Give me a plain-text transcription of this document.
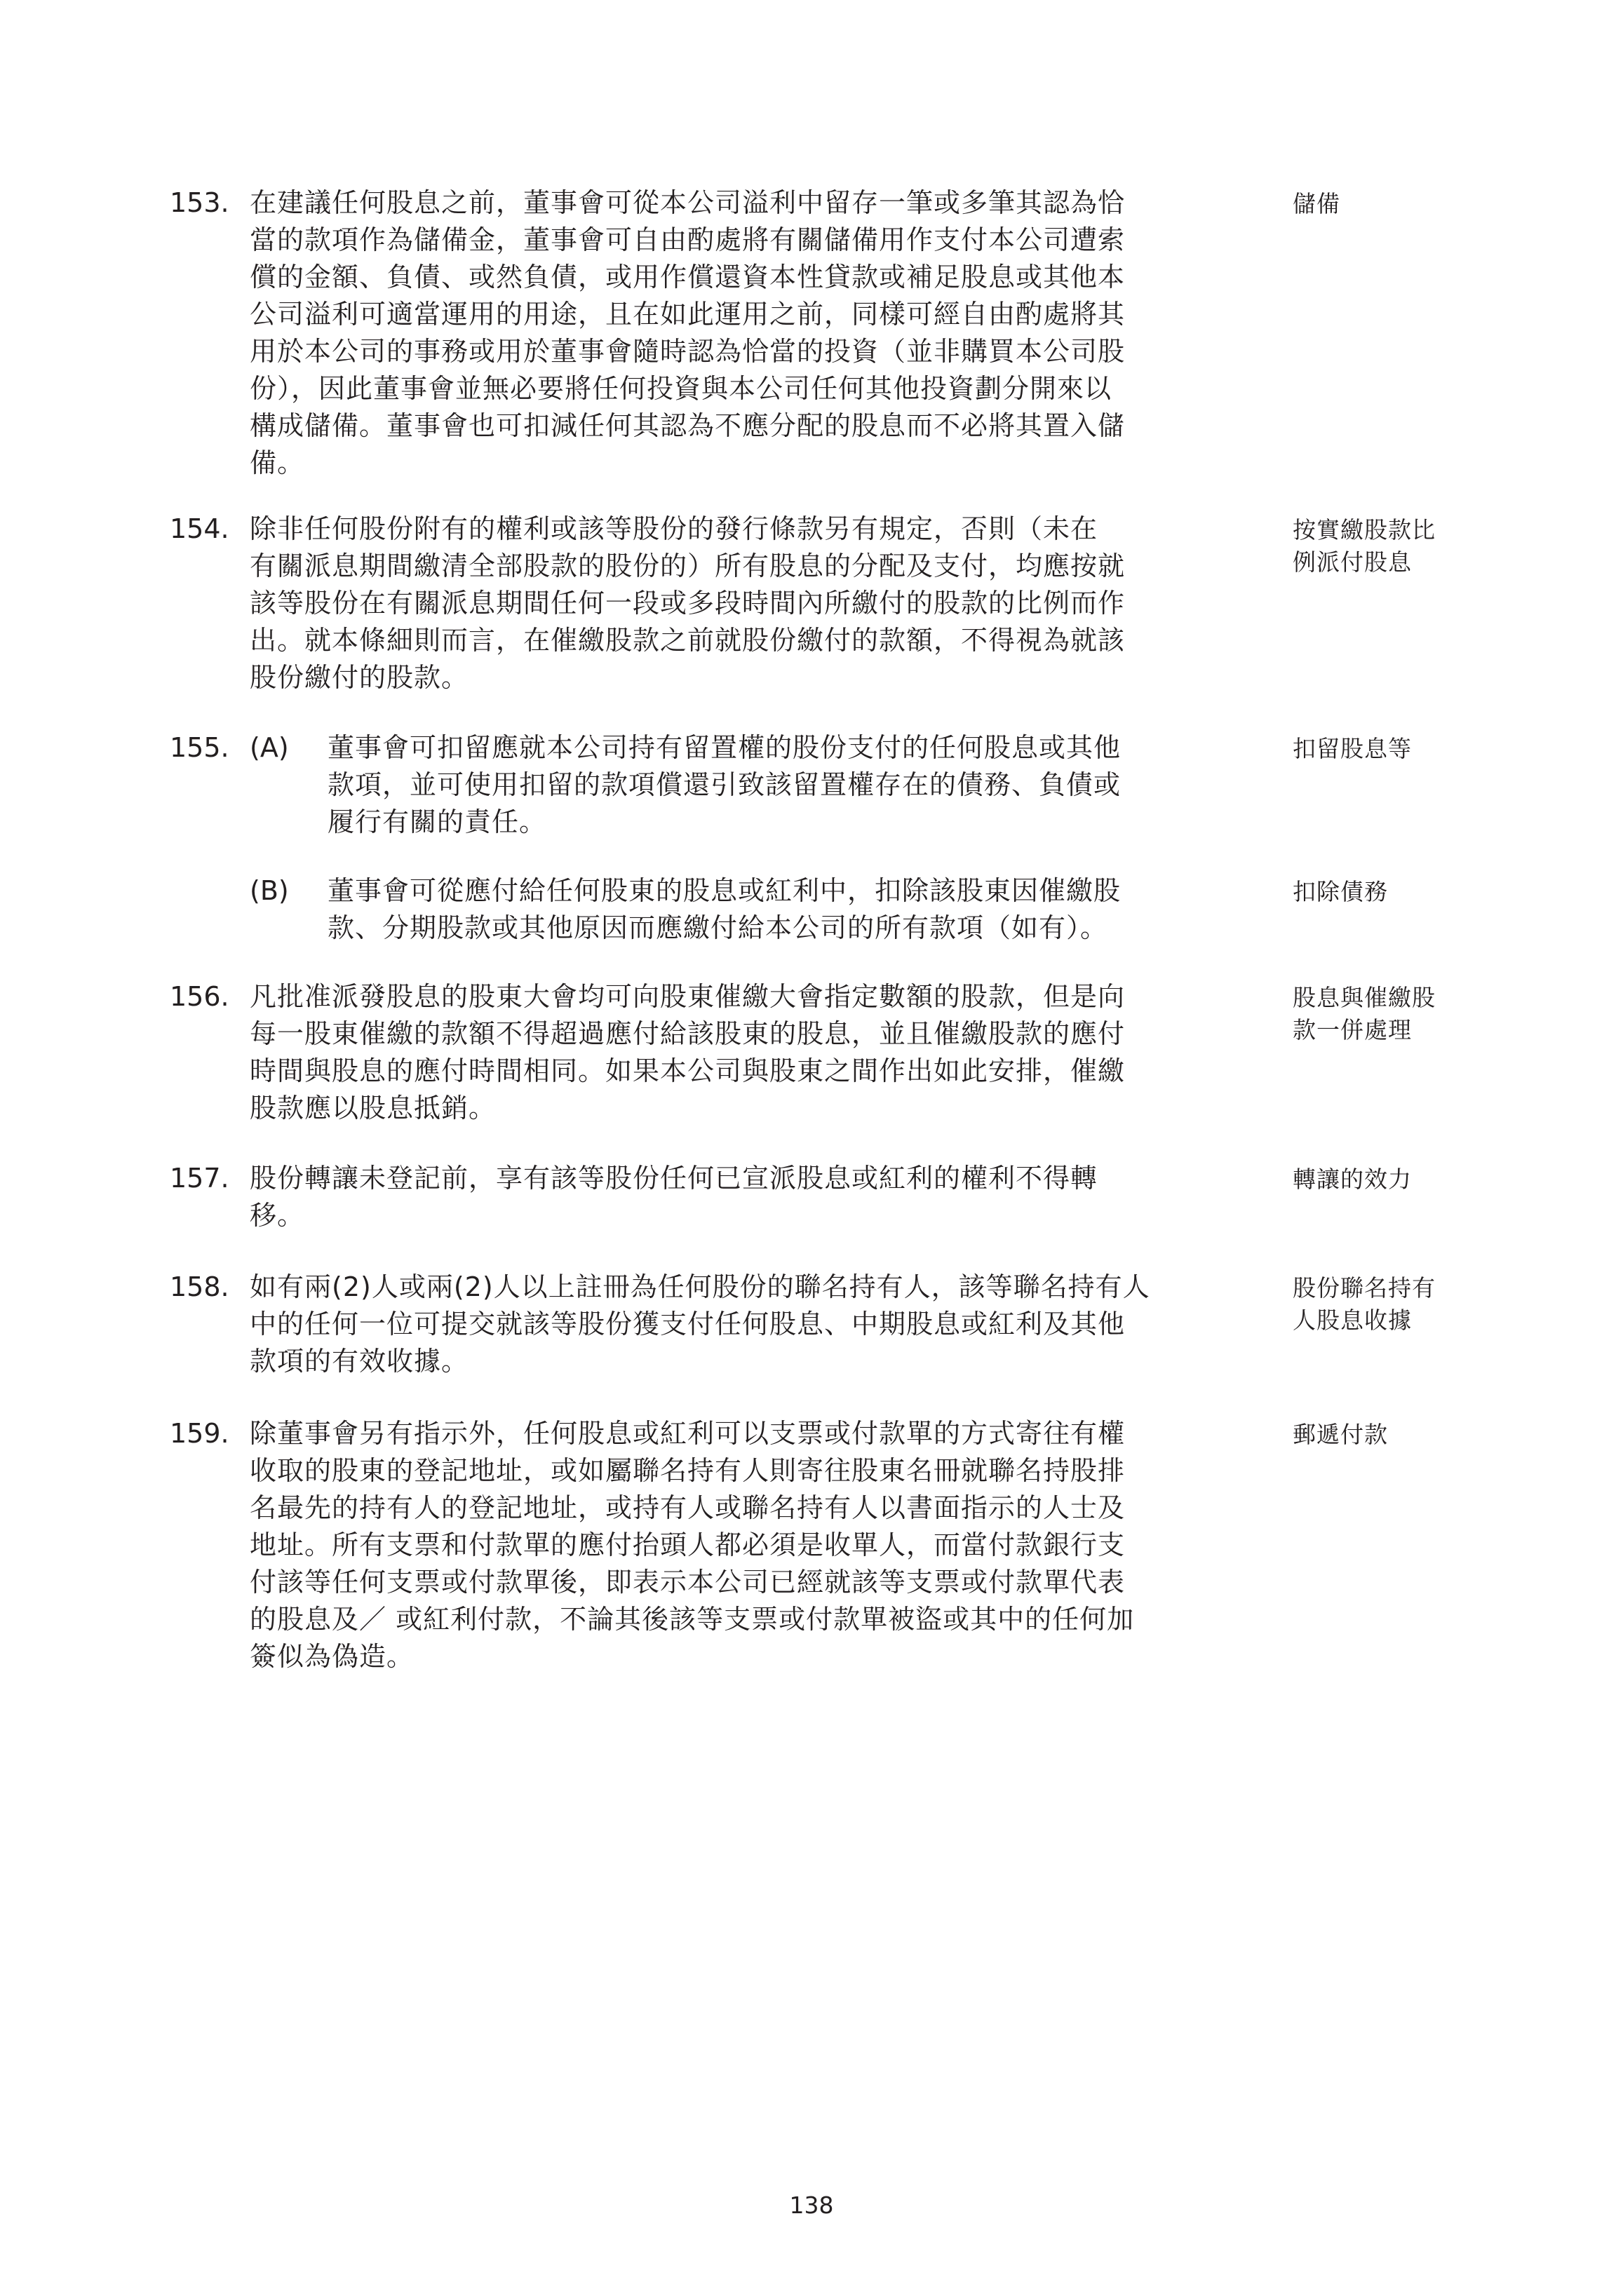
153. 在建議任何股息之前，董事會可從本公司溢利中留存一筆或多筆其認為恰

當的款項作為儲備金，董事會可自由酌處將有關儲備用作支付本公司遭索

償的金額、負債、或然負債，或用作償還資本性貸款或補足股息或其他本

公司溢利可適當運用的用途，且在如此運用之前，同樣可經自由酌處將其

用於本公司的事務或用於董事會隨時認為恰當的投資（並非購買本公司股

份），因此董事會並無必要將任何投資與本公司任何其他投資劃分開來以

構成儲備。董事會也可扣減任何其認為不應分配的股息而不必將其置入儲

備。

儲備
154. 除非任何股份附有的權利或該等股份的發行條款另有規定，否則（未在

有關派息期間繳清全部股款的股份的）所有股息的分配及支付，均應按就

該等股份在有關派息期間任何一段或多段時間內所繳付的股款的比例而作

出。就本條細則而言，在催繳股款之前就股份繳付的款額，不得視為就該

股份繳付的股款。

按實繳股款比
例派付股息
155. (A) 董事會可扣留應就本公司持有留置權的股份支付的任何股息或其他
款項，並可使用扣留的款項償還引致該留置權存在的債務、負債或
履行有關的責任。
扣留股息等
(B) 董事會可從應付給任何股東的股息或紅利中，扣除該股東因催繳股
款、分期股款或其他原因而應繳付給本公司的所有款項（如有）。
扣除債務
156. 凡批准派發股息的股東大會均可向股東催繳大會指定數額的股款，但是向

每一股東催繳的款額不得超過應付給該股東的股息，並且催繳股款的應付

時間與股息的應付時間相同。如果本公司與股東之間作出如此安排，催繳

股款應以股息抵銷。

股息與催繳股
款一併處理
157. 股份轉讓未登記前，享有該等股份任何已宣派股息或紅利的權利不得轉

移。

轉讓的效力
158. 如有兩(2)人或兩(2)人以上註冊為任何股份的聯名持有人，該等聯名持有人

中的任何一位可提交就該等股份獲支付任何股息、中期股息或紅利及其他

款項的有效收據。

股份聯名持有
人股息收據
159. 除董事會另有指示外，任何股息或紅利可以支票或付款單的方式寄往有權

收取的股東的登記地址，或如屬聯名持有人則寄往股東名冊就聯名持股排

名最先的持有人的登記地址，或持有人或聯名持有人以書面指示的人士及

地址。所有支票和付款單的應付抬頭人都必須是收單人，而當付款銀行支

付該等任何支票或付款單後，即表示本公司已經就該等支票或付款單代表

的股息及／ 或紅利付款，不論其後該等支票或付款單被盜或其中的任何加

簽似為偽造。

郵遞付款
138
